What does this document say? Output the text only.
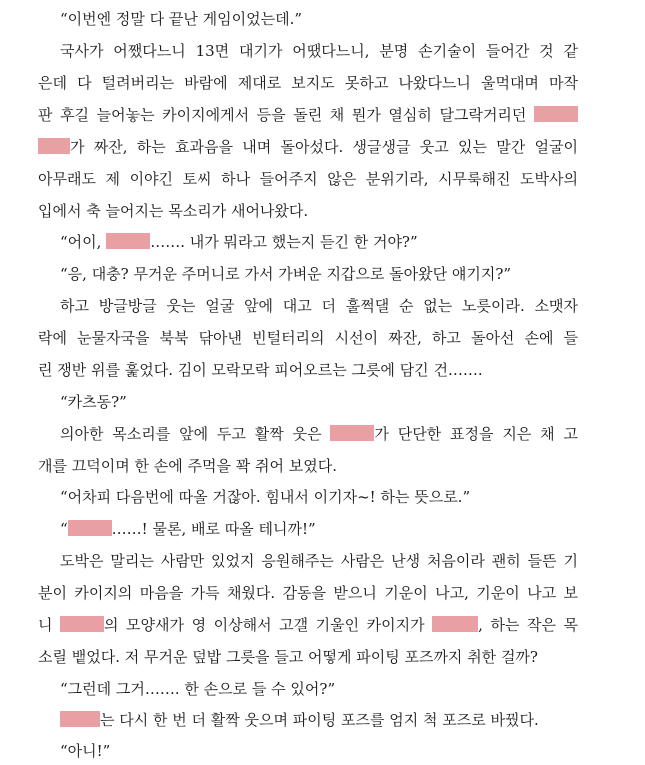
“이번엔 정말 다 끝난 게임이었는데.”
국사가 어쨌다느니 13면 대기가 어땠다느니, 분명 손기술이 들어간 것 같
은데 다 털려버리는 바람에 제대로 보지도 못하고 나왔다느니 울먹대며 마작
판 후길 늘어놓는 카이지에게서 등을 돌린 채 뭔가 열심히 달그락거리던
가 짜잔, 하는 효과음을 내며 돌아섰다. 생글생글 웃고 있는 말간 얼굴이
아무래도 제 이야긴 토씨 하나 들어주지 않은 분위기라, 시무룩해진 도박사의
입에서 축 늘어지는 목소리가 새어나왔다.
“어이,	……. 내가 뭐라고 했는지 듣긴 한 거야?”
“응, 대충? 무거운 주머니로 가서 가벼운 지갑으로 돌아왔단 얘기지?”
하고 방글방글 웃는 얼굴 앞에 대고 더 훌쩍댈 순 없는 노릇이라. 소맷자
락에 눈물자국을 북북 닦아낸 빈털터리의 시선이 짜잔, 하고 돌아선 손에 들
린 쟁반 위를 훑었다. 김이 모락모락 피어오르는 그릇에 담긴 건…….
“카츠동?”
의아한 목소리를 앞에 두고 활짝 웃은	가 단단한 표정을 지은 채 고
개를 끄덕이며 한 손에 주먹을 꽉 쥐어 보였다.
“어차피 다음번에 따올 거잖아. 힘내서 이기자~! 하는 뜻으로.”
“	……! 물론, 배로 따올 테니까!”
도박은 말리는 사람만 있었지 응원해주는 사람은 난생 처음이라 괜히 들뜬 기
분이 카이지의 마음을 가득 채웠다. 감동을 받으니 기운이 나고, 기운이 나고 보
니	의 모양새가 영 이상해서 고갤 기울인 카이지가	, 하는 작은 목
소릴 뱉었다. 저 무거운 덮밥 그릇을 들고 어떻게 파이팅 포즈까지 취한 걸까?
“그런데 그거……. 한 손으로 들 수 있어?”
는 다시 한 번 더 활짝 웃으며 파이팅 포즈를 엄지 척 포즈로 바꿨다.
“아니!”
